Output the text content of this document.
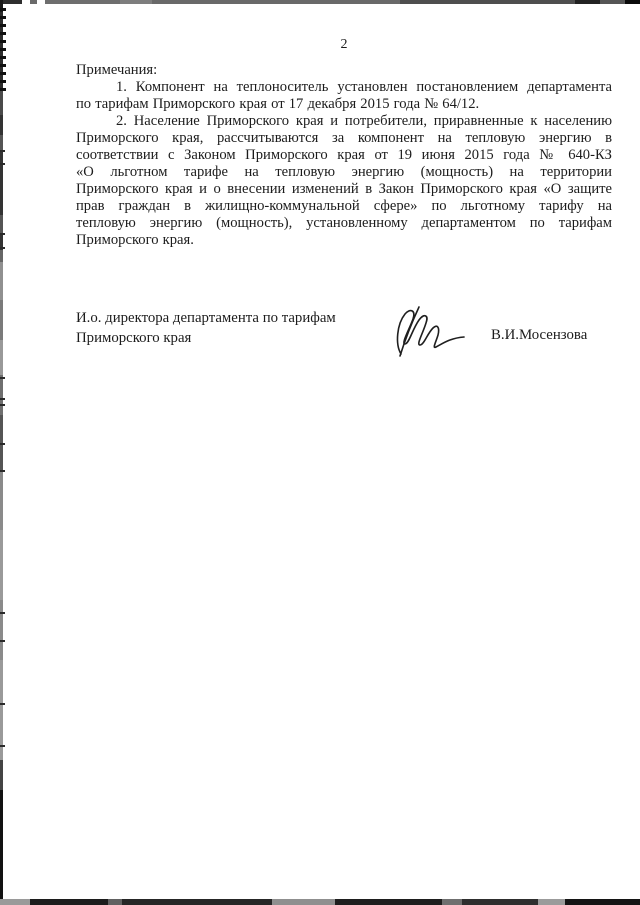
2
Примечания:
1. Компонент на теплоноситель установлен постановлением департамента
по тарифам Приморского края от 17 декабря 2015 года № 64/12.
2. Население Приморского края и потребители, приравненные к населению
Приморского края, рассчитываются за компонент на тепловую энергию в
соответствии с Законом Приморского края от 19 июня 2015 года № 640-КЗ
«О льготном тарифе на тепловую энергию (мощность) на территории
Приморского края и о внесении изменений в Закон Приморского края «О защите
прав граждан в жилищно-коммунальной сфере» по льготному тарифу на
тепловую энергию (мощность), установленному департаментом по тарифам
Приморского края.
И.о. директора департамента по тарифам
Приморского края	В.И.Мосензова
